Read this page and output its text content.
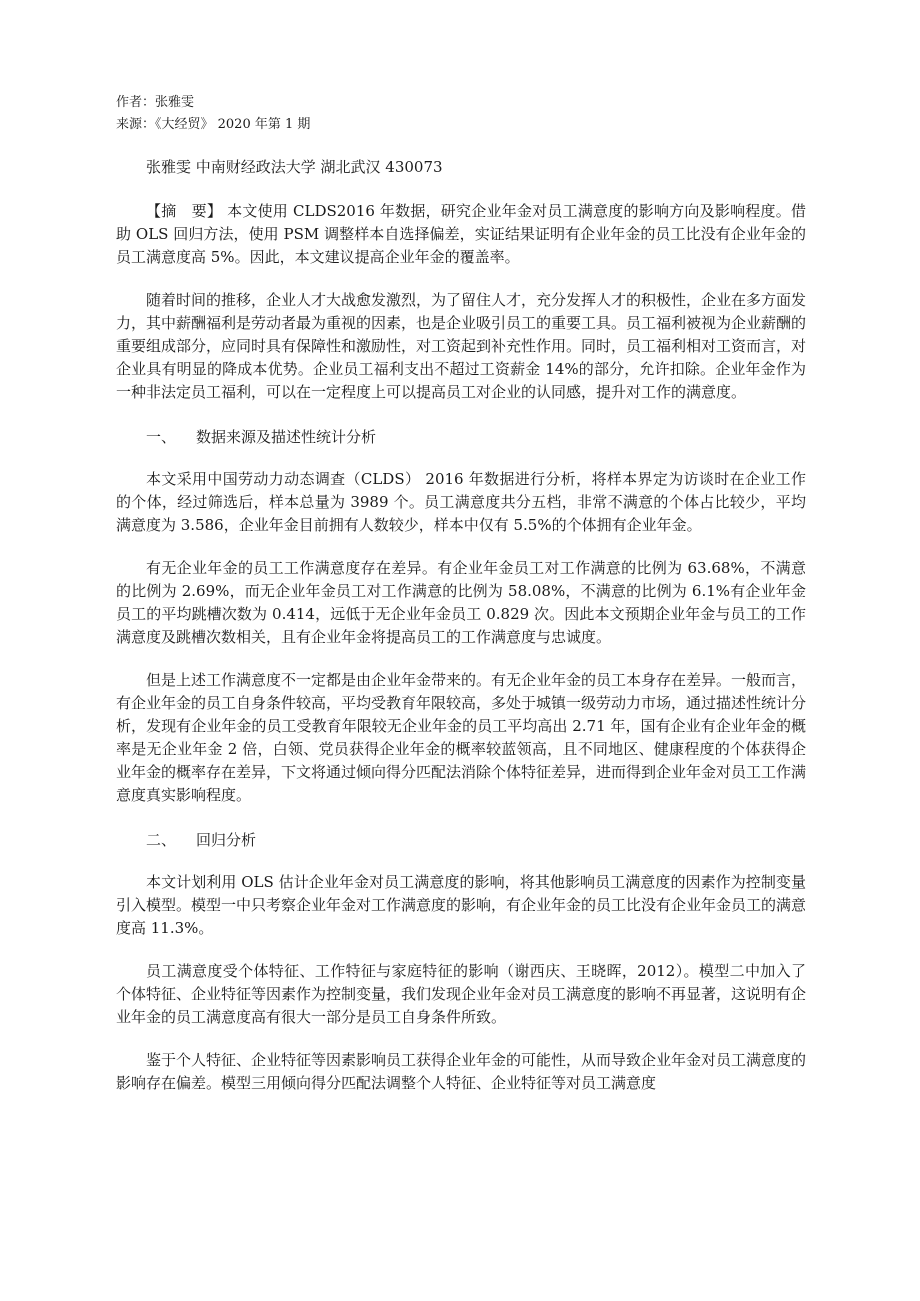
作者：张雅雯

来源：《大经贸》 2020 年第 1 期

张雅雯 中南财经政法大学 湖北武汉 430073

【摘　要】 本文使用 CLDS2016 年数据，研究企业年金对员工满意度的影响方向及影响程度。借助 OLS 回归方法，使用 PSM 调整样本自选择偏差，实证结果证明有企业年金的员工比没有企业年金的员工满意度高 5%。因此，本文建议提高企业年金的覆盖率。

随着时间的推移，企业人才大战愈发激烈，为了留住人才，充分发挥人才的积极性，企业在多方面发力，其中薪酬福利是劳动者最为重视的因素，也是企业吸引员工的重要工具。员工福利被视为企业薪酬的重要组成部分，应同时具有保障性和激励性，对工资起到补充性作用。同时，员工福利相对工资而言，对企业具有明显的降成本优势。企业员工福利支出不超过工资薪金 14%的部分，允许扣除。企业年金作为一种非法定员工福利，可以在一定程度上可以提高员工对企业的认同感，提升对工作的满意度。

一、 数据来源及描述性统计分析

本文采用中国劳动力动态调查（CLDS） 2016 年数据进行分析，将样本界定为访谈时在企业工作的个体，经过筛选后，样本总量为 3989 个。员工满意度共分五档，非常不满意的个体占比较少，平均满意度为 3.586，企业年金目前拥有人数较少，样本中仅有 5.5%的个体拥有企业年金。

有无企业年金的员工工作满意度存在差异。有企业年金员工对工作满意的比例为 63.68%，不满意的比例为 2.69%，而无企业年金员工对工作满意的比例为 58.08%，不满意的比例为 6.1%有企业年金员工的平均跳槽次数为 0.414，远低于无企业年金员工 0.829 次。因此本文预期企业年金与员工的工作满意度及跳槽次数相关，且有企业年金将提高员工的工作满意度与忠诚度。

但是上述工作满意度不一定都是由企业年金带来的。有无企业年金的员工本身存在差异。一般而言，有企业年金的员工自身条件较高，平均受教育年限较高，多处于城镇一级劳动力市场，通过描述性统计分析，发现有企业年金的员工受教育年限较无企业年金的员工平均高出 2.71 年，国有企业有企业年金的概率是无企业年金 2 倍，白领、党员获得企业年金的概率较蓝领高，且不同地区、健康程度的个体获得企业年金的概率存在差异，下文将通过倾向得分匹配法消除个体特征差异，进而得到企业年金对员工工作满意度真实影响程度。

二、 回归分析

本文计划利用 OLS 估计企业年金对员工满意度的影响，将其他影响员工满意度的因素作为控制变量引入模型。模型一中只考察企业年金对工作满意度的影响，有企业年金的员工比没有企业年金员工的满意度高 11.3%。

员工满意度受个体特征、工作特征与家庭特征的影响（谢西庆、王晓晖，2012）。模型二中加入了个体特征、企业特征等因素作为控制变量，我们发现企业年金对员工满意度的影响不再显著，这说明有企业年金的员工满意度高有很大一部分是员工自身条件所致。

鉴于个人特征、企业特征等因素影响员工获得企业年金的可能性，从而导致企业年金对员工满意度的影响存在偏差。模型三用倾向得分匹配法调整个人特征、企业特征等对员工满意度
